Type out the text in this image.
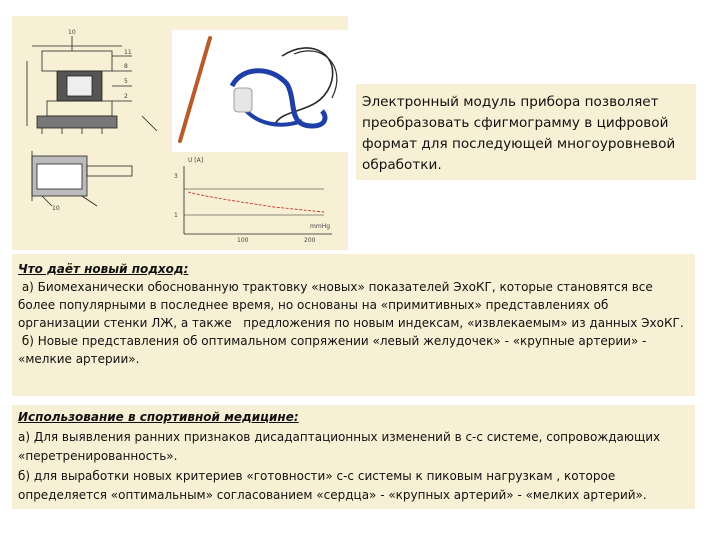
10
11
8
5
2
10
U [A]
3
1
mmHg
100	200
Электронный модуль прибора позволяет преобразовать сфигмограмму в цифровой формат для последующей многоуровневой обработки.
Что даёт новый подход:
а) Биомеханически обоснованную трактовку «новых» показателей ЭхоКГ, которые становятся все более популярными в последнее время, но основаны на «примитивных» представлениях об организации стенки ЛЖ, а также   предложения по новым индексам, «извлекаемым» из данных ЭхоКГ.
б) Новые представления об оптимальном сопряжении «левый желудочек» - «крупные артерии» - «мелкие артерии».
Использование в спортивной медицине:
а) Для выявления ранних признаков дисадаптационных изменений в с-с системе, сопровождающих «перетренированность».
б) для выработки новых критериев «готовности» с-с системы к пиковым нагрузкам , которое определяется «оптимальным» согласованием «сердца» - «крупных артерий» - «мелких артерий».
